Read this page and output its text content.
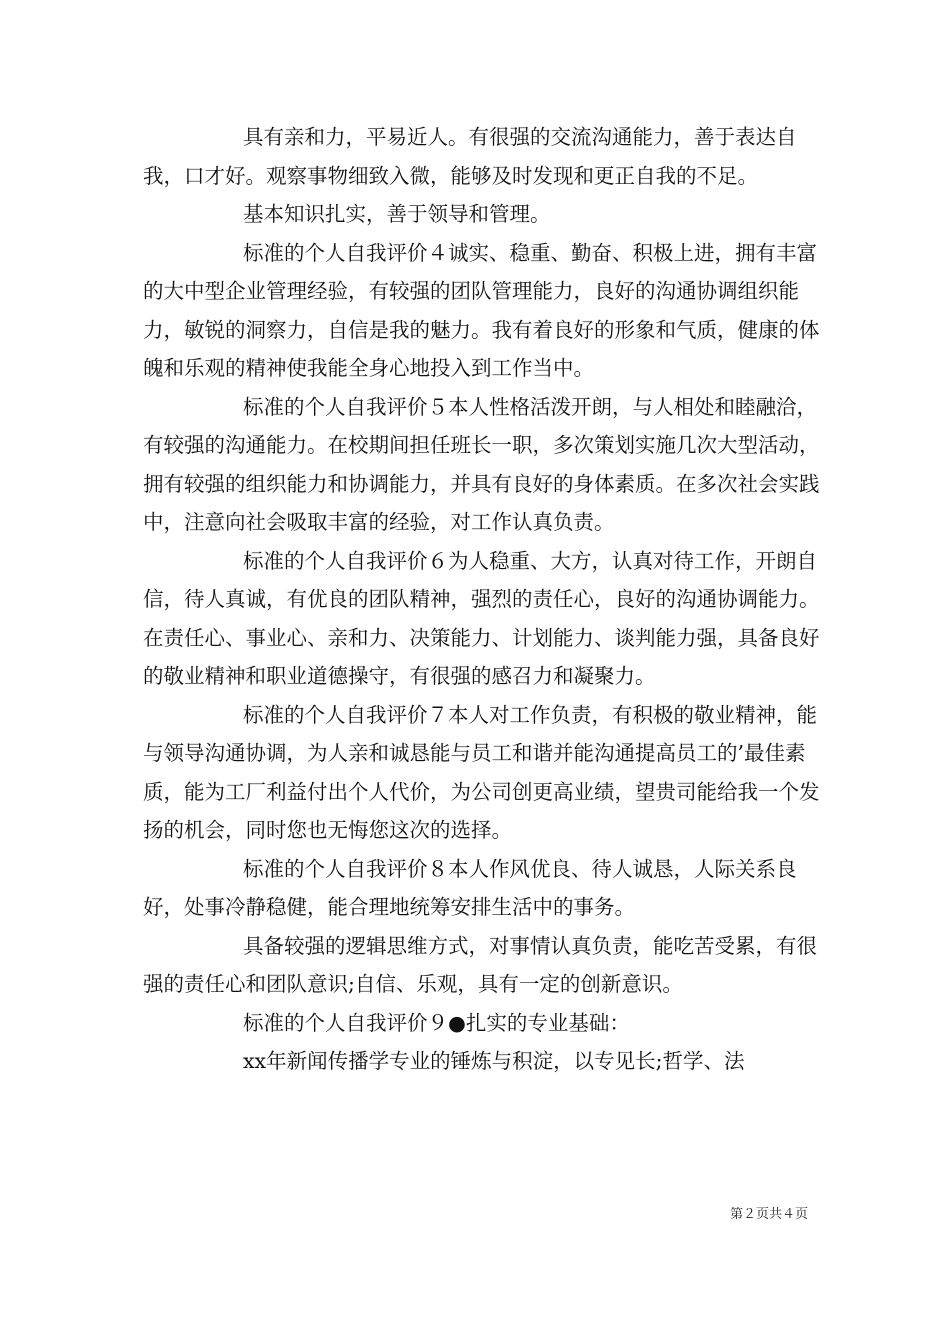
具有亲和力，平易近人。有很强的交流沟通能力，善于表达自我，口才好。观察事物细致入微，能够及时发现和更正自我的不足。

基本知识扎实，善于领导和管理。

标准的个人自我评价４诚实、稳重、勤奋、积极上进，拥有丰富的大中型企业管理经验，有较强的团队管理能力，良好的沟通协调组织能力，敏锐的洞察力，自信是我的魅力。我有着良好的形象和气质，健康的体魄和乐观的精神使我能全身心地投入到工作当中。

标准的个人自我评价５本人性格活泼开朗，与人相处和睦融洽，有较强的沟通能力。在校期间担任班长一职，多次策划实施几次大型活动，拥有较强的组织能力和协调能力，并具有良好的身体素质。在多次社会实践中，注意向社会吸取丰富的经验，对工作认真负责。

标准的个人自我评价６为人稳重、大方，认真对待工作，开朗自信，待人真诚，有优良的团队精神，强烈的责任心，良好的沟通协调能力。在责任心、事业心、亲和力、决策能力、计划能力、谈判能力强，具备良好的敬业精神和职业道德操守，有很强的感召力和凝聚力。

标准的个人自我评价７本人对工作负责，有积极的敬业精神，能与领导沟通协调，为人亲和诚恳能与员工和谐并能沟通提高员工的’最佳素质，能为工厂利益付出个人代价，为公司创更高业绩，望贵司能给我一个发扬的机会，同时您也无悔您这次的选择。

标准的个人自我评价８本人作风优良、待人诚恳，人际关系良好，处事冷静稳健，能合理地统筹安排生活中的事务。

具备较强的逻辑思维方式，对事情认真负责，能吃苦受累，有很强的责任心和团队意识;自信、乐观，具有一定的创新意识。

标准的个人自我评价９●扎实的专业基础：

xx年新闻传播学专业的锤炼与积淀，以专见长;哲学、法

第２页共４页
